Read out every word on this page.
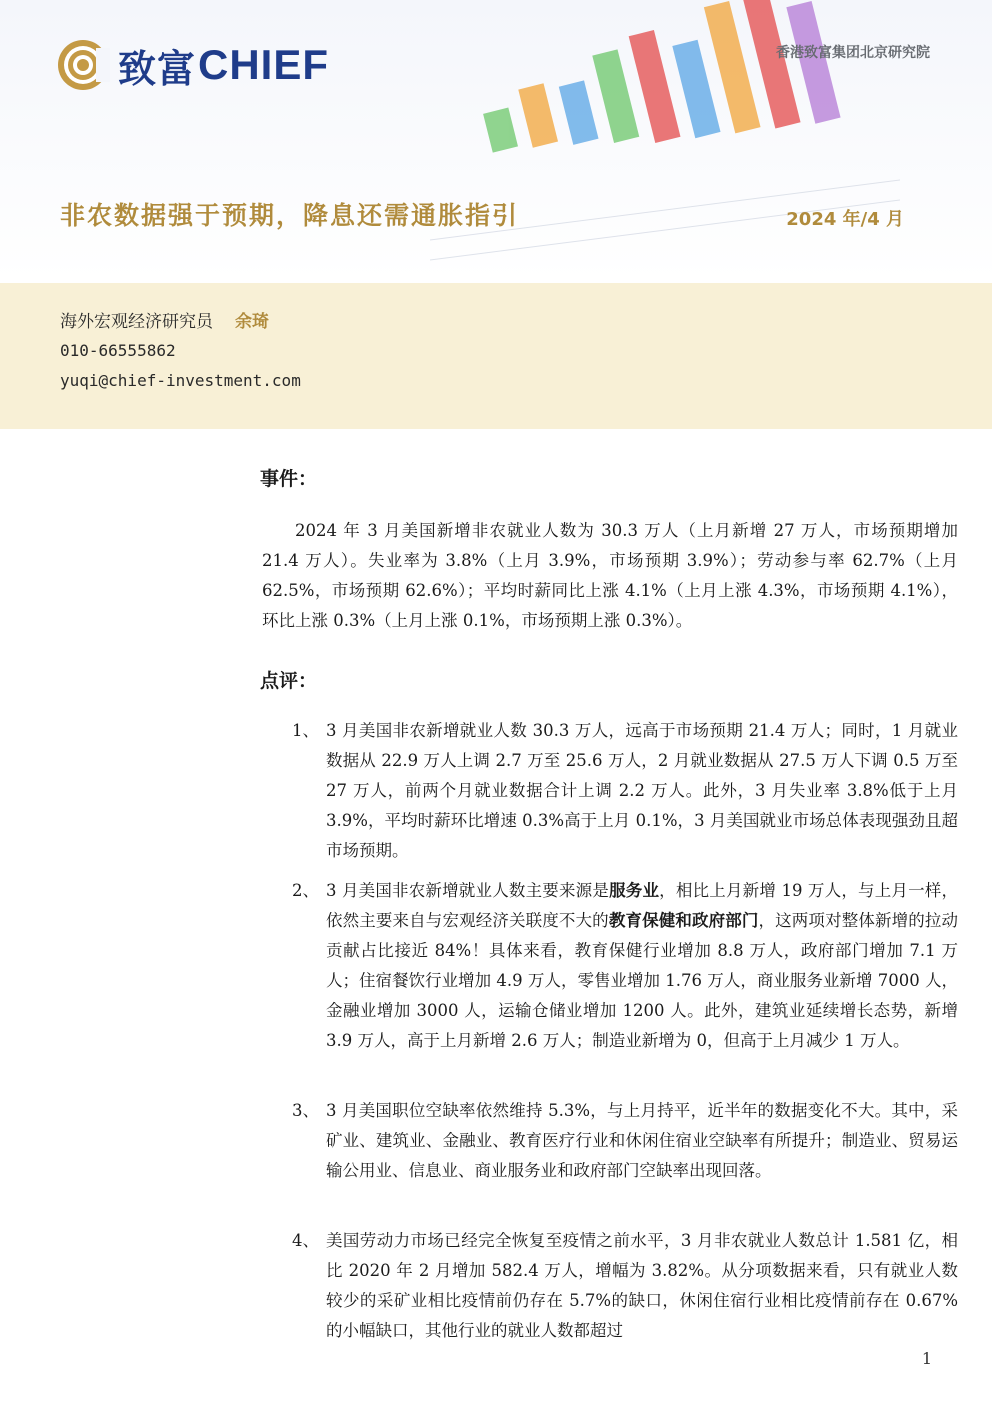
致富 CHIEF	香港致富集团北京研究院
非农数据强于预期，降息还需通胀指引	2024 年/4 月
海外宏观经济研究员 余琦
010-66555862
yuqi@chief-investment.com
事件：

2024 年 3 月美国新增非农就业人数为 30.3 万人（上月新增 27 万人，市场预期增加 21.4 万人）。失业率为 3.8%（上月 3.9%，市场预期 3.9%）；劳动参与率 62.7%（上月 62.5%，市场预期 62.6%）；平均时薪同比上涨 4.1%（上月上涨 4.3%，市场预期 4.1%），环比上涨 0.3%（上月上涨 0.1%，市场预期上涨 0.3%）。

点评：
1、 3 月美国非农新增就业人数 30.3 万人，远高于市场预期 21.4 万人；同时，1 月就业数据从 22.9 万人上调 2.7 万至 25.6 万人，2 月就业数据从 27.5 万人下调 0.5 万至 27 万人，前两个月就业数据合计上调 2.2 万人。此外，3 月失业率 3.8%低于上月 3.9%，平均时薪环比增速 0.3%高于上月 0.1%，3 月美国就业市场总体表现强劲且超市场预期。
2、 3 月美国非农新增就业人数主要来源是服务业，相比上月新增 19 万人，与上月一样，依然主要来自与宏观经济关联度不大的教育保健和政府部门，这两项对整体新增的拉动贡献占比接近 84%！具体来看，教育保健行业增加 8.8 万人，政府部门增加 7.1 万人；住宿餐饮行业增加 4.9 万人，零售业增加 1.76 万人，商业服务业新增 7000 人，金融业增加 3000 人，运输仓储业增加 1200 人。此外，建筑业延续增长态势，新增 3.9 万人，高于上月新增 2.6 万人；制造业新增为 0，但高于上月减少 1 万人。
3、 3 月美国职位空缺率依然维持 5.3%，与上月持平，近半年的数据变化不大。其中，采矿业、建筑业、金融业、教育医疗行业和休闲住宿业空缺率有所提升；制造业、贸易运输公用业、信息业、商业服务业和政府部门空缺率出现回落。
4、 美国劳动力市场已经完全恢复至疫情之前水平，3 月非农就业人数总计 1.581 亿，相比 2020 年 2 月增加 582.4 万人，增幅为 3.82%。从分项数据来看，只有就业人数较少的采矿业相比疫情前仍存在 5.7%的缺口，休闲住宿行业相比疫情前存在 0.67%的小幅缺口，其他行业的就业人数都超过
1
